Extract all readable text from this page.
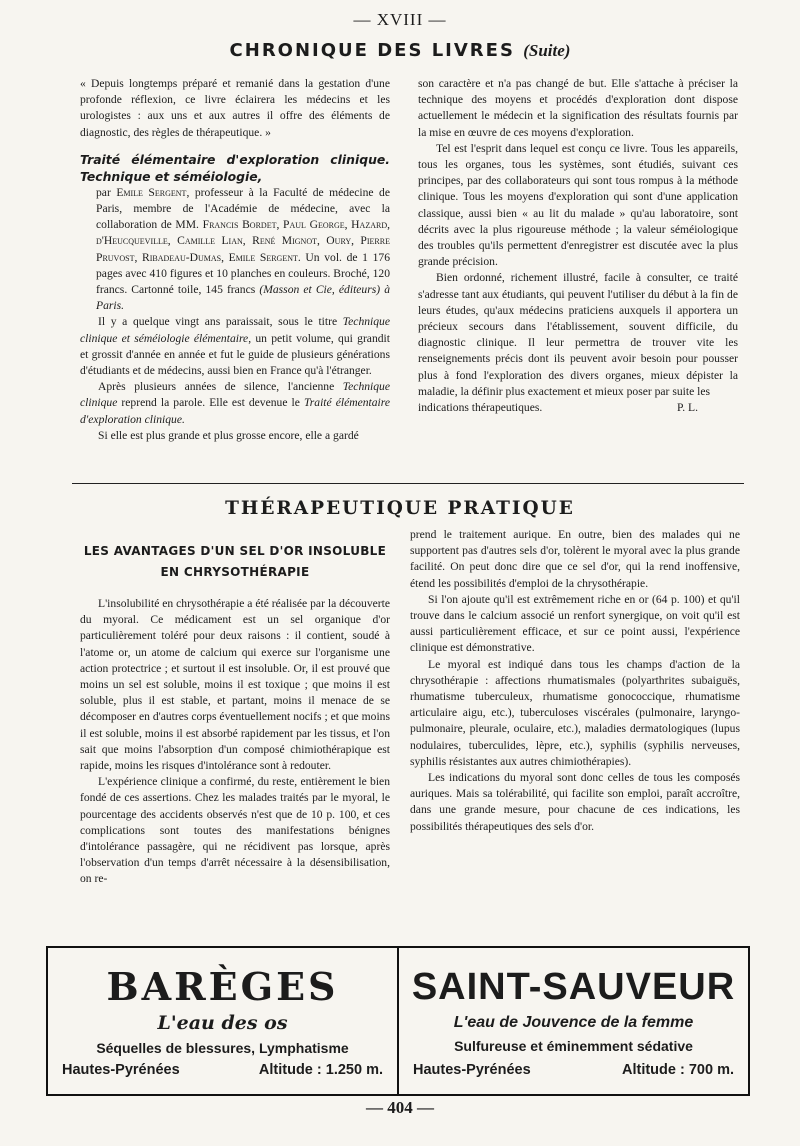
— XVIII —
CHRONIQUE DES LIVRES (Suite)

« Depuis longtemps préparé et remanié dans la gestation d'une profonde réflexion, ce livre éclairera les médecins et les urologistes : aux uns et aux autres il offre des éléments de diagnostic, des règles de thérapeutique. »

Traité élémentaire d'exploration clinique. Technique et séméiologie,

par Emile Sergent, professeur à la Faculté de médecine de Paris, membre de l'Académie de médecine, avec la collaboration de MM. Francis Bordet, Paul George, Hazard, d'Heucqueville, Camille Lian, René Mignot, Oury, Pierre Pruvost, Ribadeau-Dumas, Emile Sergent. Un vol. de 1 176 pages avec 410 figures et 10 planches en couleurs. Broché, 120 francs. Cartonné toile, 145 francs (Masson et Cie, éditeurs) à Paris.

Il y a quelque vingt ans paraissait, sous le titre Technique clinique et séméiologie élémentaire, un petit volume, qui grandit et grossit d'année en année et fut le guide de plusieurs générations d'étudiants et de médecins, aussi bien en France qu'à l'étranger.

Après plusieurs années de silence, l'ancienne Technique clinique reprend la parole. Elle est devenue le Traité élémentaire d'exploration clinique.

Si elle est plus grande et plus grosse encore, elle a gardé

son caractère et n'a pas changé de but. Elle s'attache à préciser la technique des moyens et procédés d'exploration dont dispose actuellement le médecin et la signification des résultats fournis par la mise en œuvre de ces moyens d'exploration.

Tel est l'esprit dans lequel est conçu ce livre. Tous les appareils, tous les organes, tous les systèmes, sont étudiés, suivant ces principes, par des collaborateurs qui sont tous rompus à la méthode clinique. Tous les moyens d'exploration qui sont d'une application classique, aussi bien « au lit du malade » qu'au laboratoire, sont décrits avec la plus rigoureuse méthode ; la valeur séméiologique des troubles qu'ils permettent d'enregistrer est discutée avec la plus grande précision.

Bien ordonné, richement illustré, facile à consulter, ce traité s'adresse tant aux étudiants, qui peuvent l'utiliser du début à la fin de leurs études, qu'aux médecins praticiens auxquels il apportera un précieux secours dans l'établissement, souvent difficile, du diagnostic clinique. Il leur permettra de trouver vite les renseignements précis dont ils peuvent avoir besoin pour pousser plus à fond l'exploration des divers organes, mieux dépister la maladie, la définir plus exactement et mieux poser par suite les

indications thérapeutiques.	P. L.

THÉRAPEUTIQUE PRATIQUE
LES AVANTAGES D'UN SEL D'OR INSOLUBLE
EN CHRYSOTHÉRAPIE

L'insolubilité en chrysothérapie a été réalisée par la découverte du myoral. Ce médicament est un sel organique d'or particulièrement toléré pour deux raisons : il contient, soudé à l'atome or, un atome de calcium qui exerce sur l'organisme une action protectrice ; et surtout il est insoluble. Or, il est prouvé que moins un sel est soluble, moins il est toxique ; que moins il est soluble, plus il est stable, et partant, moins il menace de se décomposer en d'autres corps éventuellement nocifs ; et que moins il est soluble, moins il est absorbé rapidement par les tissus, et l'on sait que moins l'absorption d'un composé chimiothérapique est rapide, moins les risques d'intolérance sont à redouter.

L'expérience clinique a confirmé, du reste, entièrement le bien fondé de ces assertions. Chez les malades traités par le myoral, le pourcentage des accidents observés n'est que de 10 p. 100, et ces complications sont toutes des manifestations bénignes d'intolérance passagère, qui ne récidivent pas lorsque, après l'observation d'un temps d'arrêt nécessaire à la désensibilisation, on re-

prend le traitement aurique. En outre, bien des malades qui ne supportent pas d'autres sels d'or, tolèrent le myoral avec la plus grande facilité. On peut donc dire que ce sel d'or, qui la rend inoffensive, étend les possibilités d'emploi de la chrysothérapie.

Si l'on ajoute qu'il est extrêmement riche en or (64 p. 100) et qu'il trouve dans le calcium associé un renfort synergique, on voit qu'il est aussi particulièrement efficace, et sur ce point aussi, l'expérience clinique est démonstrative.

Le myoral est indiqué dans tous les champs d'action de la chrysothérapie : affections rhumatismales (polyarthrites subaiguës, rhumatisme tuberculeux, rhumatisme gonococcique, rhumatisme articulaire aigu, etc.), tuberculoses viscérales (pulmonaire, laryngo-pulmonaire, pleurale, oculaire, etc.), maladies dermatologiques (lupus nodulaires, tuberculides, lèpre, etc.), syphilis (syphilis nerveuses, syphilis résistantes aux autres chimiothérapies).

Les indications du myoral sont donc celles de tous les composés auriques. Mais sa tolérabilité, qui facilite son emploi, paraît accroître, dans une grande mesure, pour chacune de ces indications, les possibilités thérapeutiques des sels d'or.

BARÈGES
L'eau des os
Séquelles de blessures, Lymphatisme
Hautes-Pyrénées	Altitude : 1.250 m.
SAINT-SAUVEUR
L'eau de Jouvence de la femme
Sulfureuse et éminemment sédative
Hautes-Pyrénées	Altitude : 700 m.
— 404 —
